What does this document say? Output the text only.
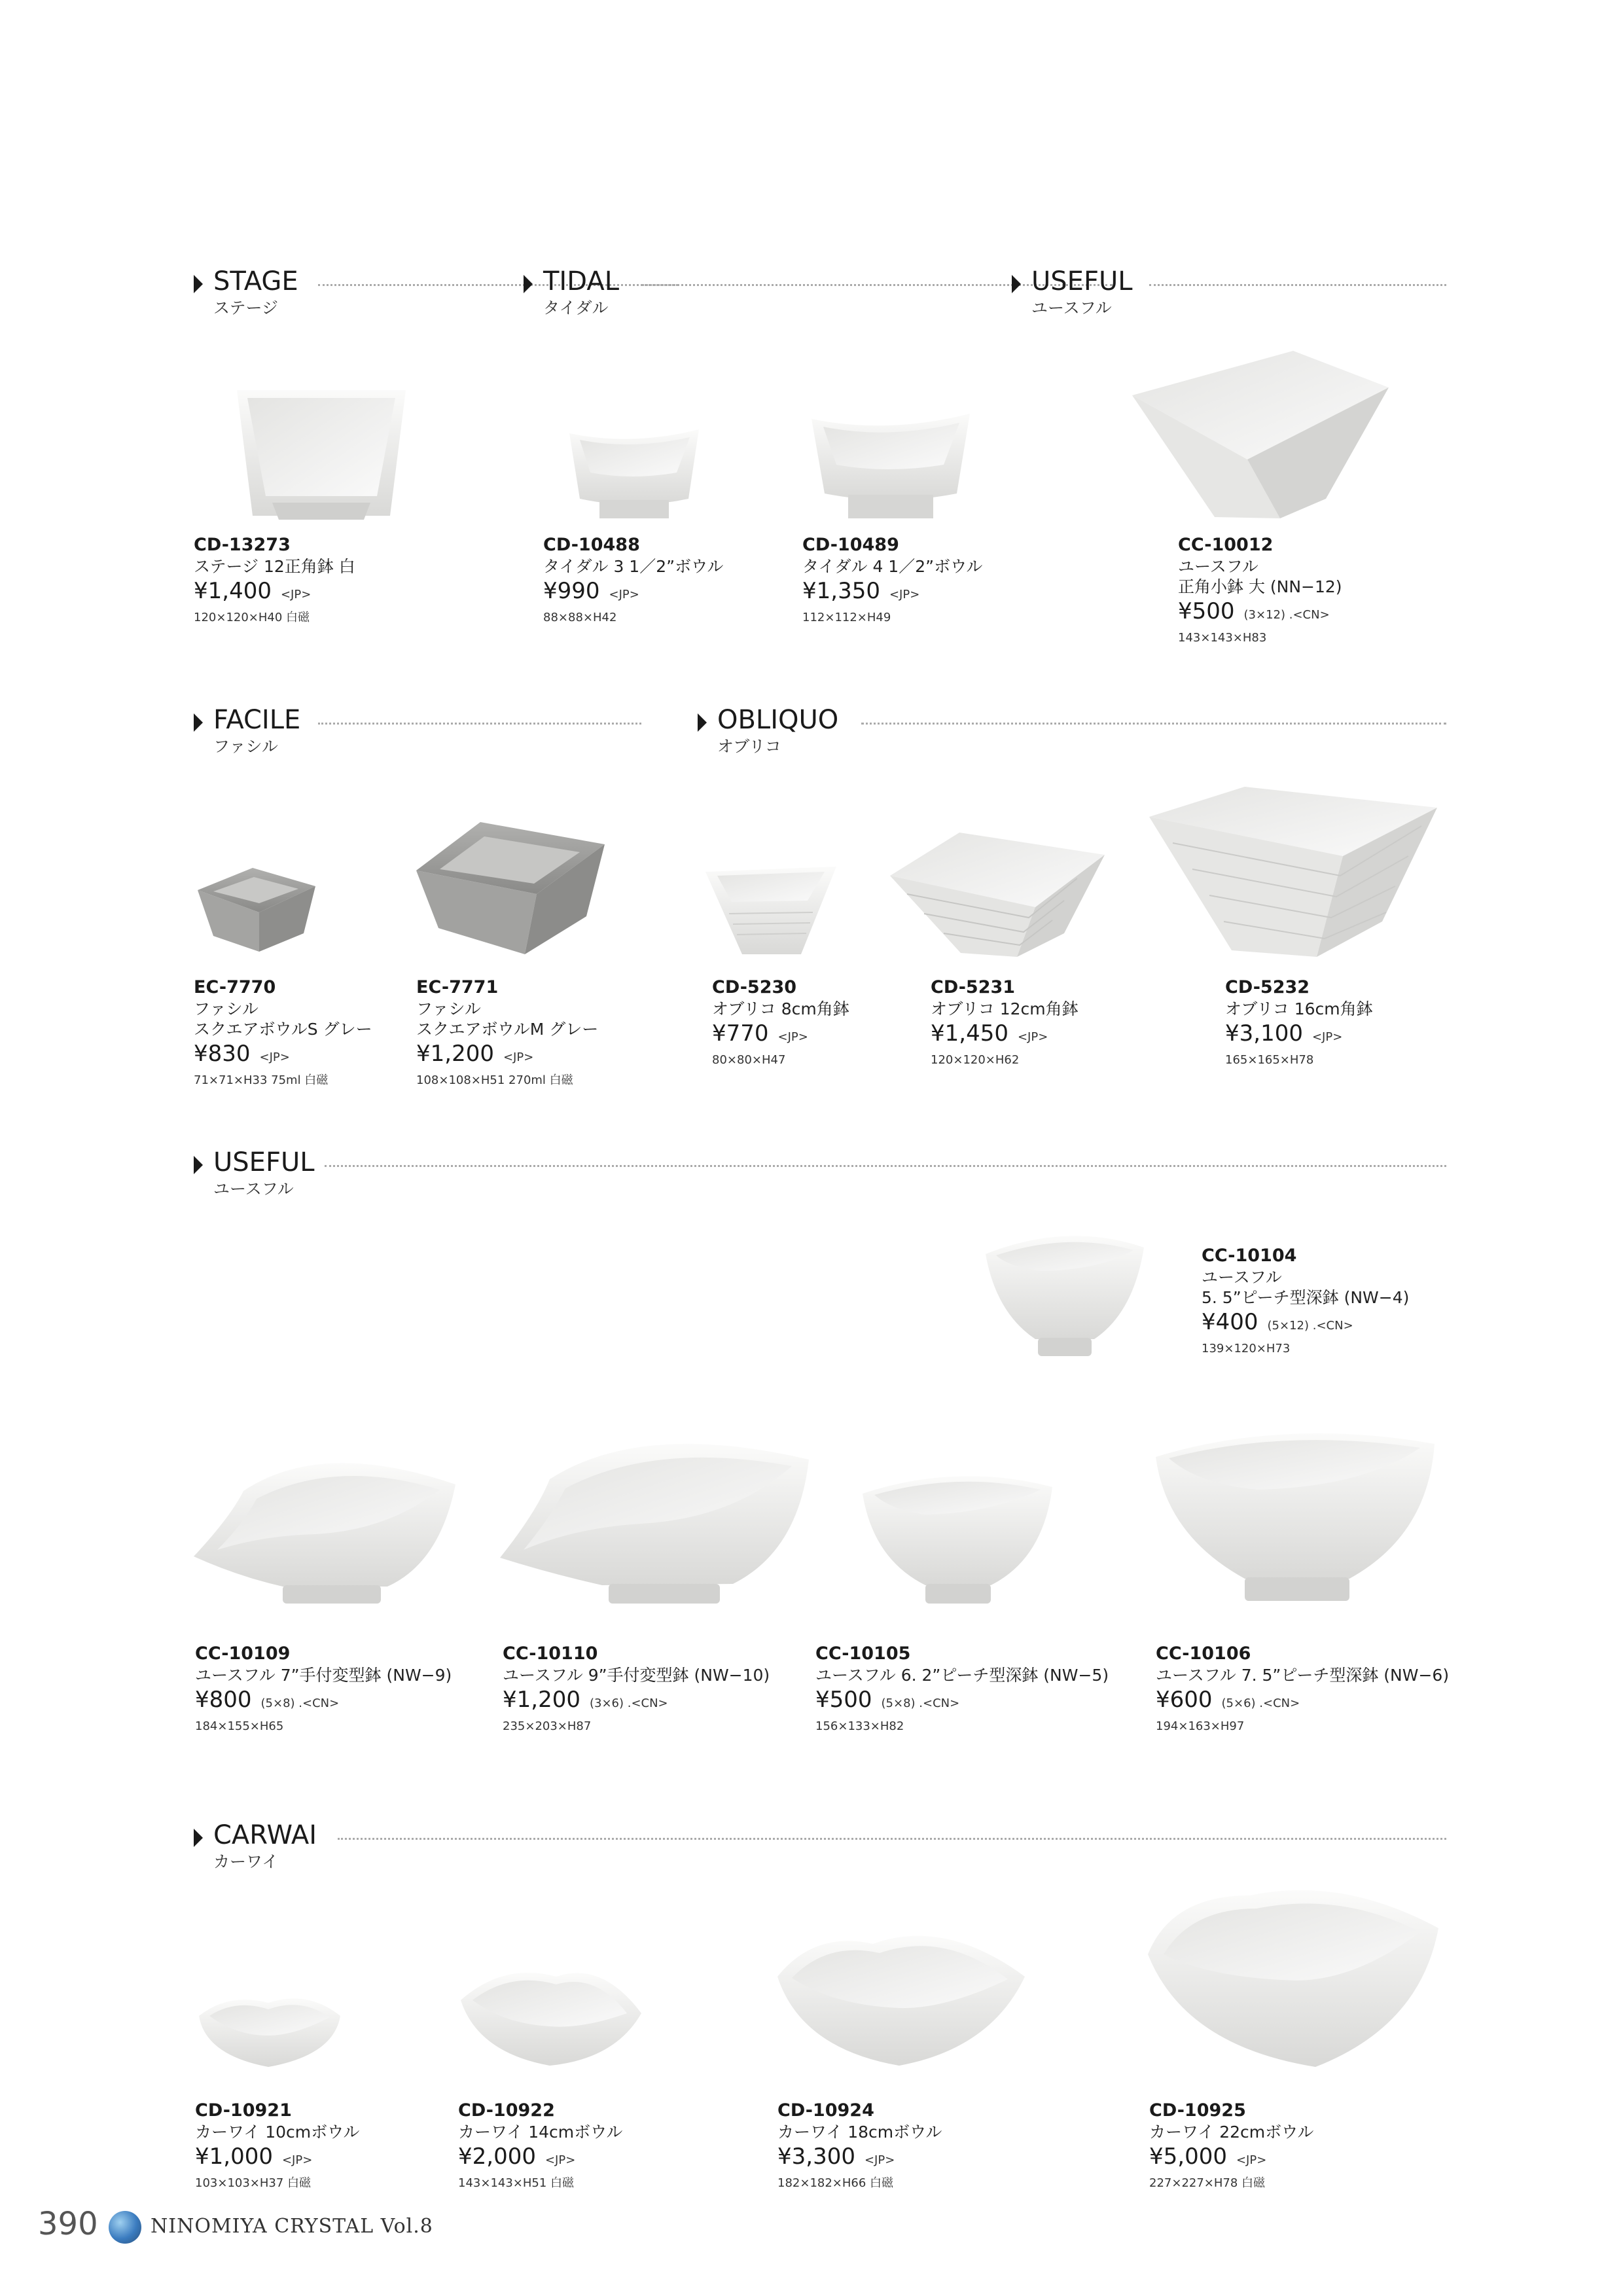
STAGE
ステージ
TIDAL
タイダル
USEFUL
ユースフル
FACILE
ファシル
OBLIQUO
オブリコ
USEFUL
ユースフル
CARWAI
カーワイ
CD-13273
ステージ 12正角鉢 白
¥1,400 <JP>
120×120×H40 白磁
CD-10488
タイダル 3 1／2”ボウル
¥990 <JP>
88×88×H42
CD-10489
タイダル 4 1／2”ボウル
¥1,350 <JP>
112×112×H49
CC-10012
ユースフル
正角小鉢 大 (NN−12)
¥500 (3×12) .<CN>
143×143×H83
EC-7770
ファシル
スクエアボウルS グレー
¥830 <JP>
71×71×H33 75ml 白磁
EC-7771
ファシル
スクエアボウルM グレー
¥1,200 <JP>
108×108×H51 270ml 白磁
CD-5230
オブリコ 8cm角鉢
¥770 <JP>
80×80×H47
CD-5231
オブリコ 12cm角鉢
¥1,450 <JP>
120×120×H62
CD-5232
オブリコ 16cm角鉢
¥3,100 <JP>
165×165×H78
CC-10104
ユースフル
5. 5”ピーチ型深鉢 (NW−4)
¥400 (5×12) .<CN>
139×120×H73
CC-10109
ユースフル 7”手付変型鉢 (NW−9)
¥800 (5×8) .<CN>
184×155×H65
CC-10110
ユースフル 9”手付変型鉢 (NW−10)
¥1,200 (3×6) .<CN>
235×203×H87
CC-10105
ユースフル 6. 2”ピーチ型深鉢 (NW−5)
¥500 (5×8) .<CN>
156×133×H82
CC-10106
ユースフル 7. 5”ピーチ型深鉢 (NW−6)
¥600 (5×6) .<CN>
194×163×H97
CD-10921
カーワイ 10cmボウル
¥1,000 <JP>
103×103×H37 白磁
CD-10922
カーワイ 14cmボウル
¥2,000 <JP>
143×143×H51 白磁
CD-10924
カーワイ 18cmボウル
¥3,300 <JP>
182×182×H66 白磁
CD-10925
カーワイ 22cmボウル
¥5,000 <JP>
227×227×H78 白磁
390	NINOMIYA CRYSTAL Vol.8
